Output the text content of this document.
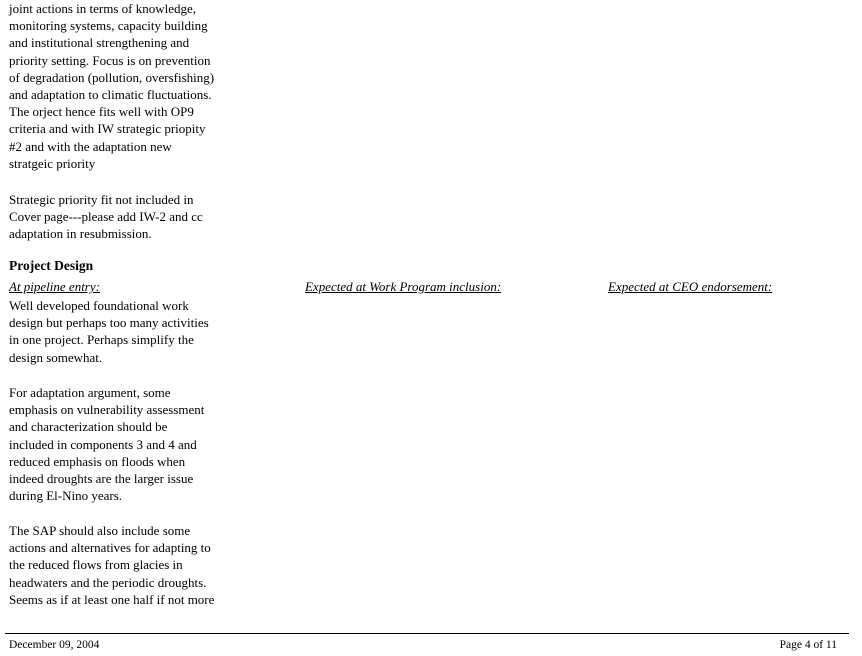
joint actions in terms of knowledge,
monitoring systems, capacity building
and institutional strengthening and
priority setting. Focus is on prevention
of degradation (pollution, oversfishing)
and adaptation to climatic fluctuations.
The orject hence fits well with OP9
criteria and with IW strategic priopity
#2 and with the adaptation new
stratgeic priority

Strategic priority fit not included in
Cover page---please add IW-2 and cc
adaptation in resubmission.

Project Design

At pipeline entry:	Expected at Work Program inclusion:	Expected at CEO endorsement:

Well developed foundational work
design but perhaps too many activities
in one project. Perhaps simplify the
design somewhat.

For adaptation argument, some
emphasis on vulnerability assessment
and characterization should be
included in components 3 and 4 and
reduced emphasis on floods when
indeed droughts are the larger issue
during El-Nino years.

The SAP should also include some
actions and alternatives for adapting to
the reduced flows from glacies in
headwaters and the periodic droughts.
Seems as if at least one half if not more

December 09, 2004	Page 4 of 11
